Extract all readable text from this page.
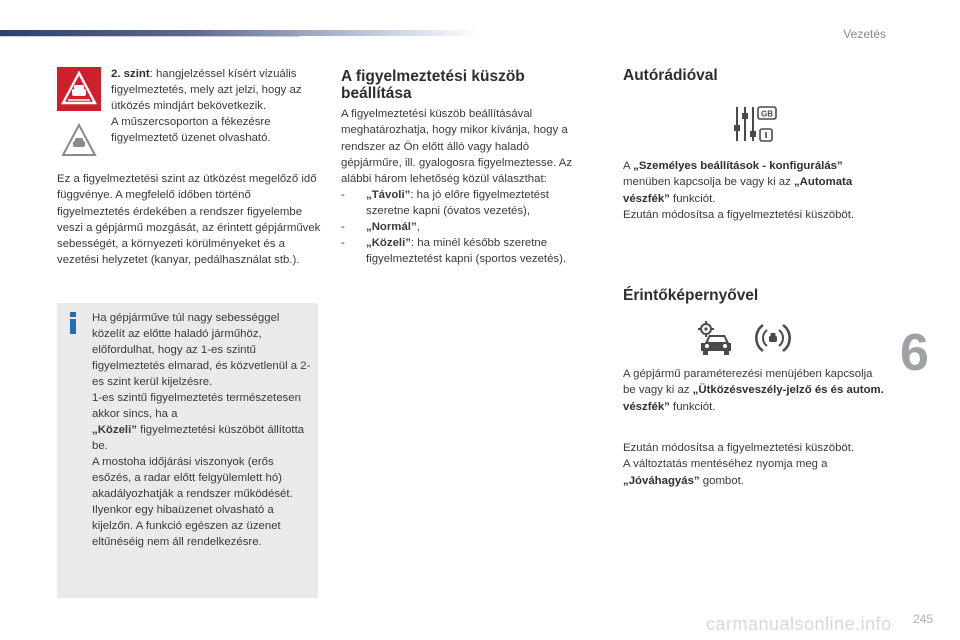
Vezetés
2. szint: hangjelzéssel kísért vizuális figyelmeztetés, mely azt jelzi, hogy az ütközés mindjárt bekövetkezik.
A műszercsoporton a fékezésre figyelmeztető üzenet olvasható.
Ez a figyelmeztetési szint az ütközést megelőző idő függvénye. A megfelelő időben történő figyelmeztetés érdekében a rendszer figyelembe veszi a gépjármű mozgását, az érintett gépjárművek sebességét, a környezeti körülményeket és a vezetési helyzetet (kanyar, pedálhasználat stb.).
Ha gépjárműve túl nagy sebességgel közelít az előtte haladó járműhöz, előfordulhat, hogy az 1-es szintű figyelmeztetés elmarad, és közvetlenül a 2-es szint kerül kijelzésre.
1-es szintű figyelmeztetés természetesen akkor sincs, ha a
„Közeli” figyelmeztetési küszöböt állította be.
A mostoha időjárási viszonyok (erős esőzés, a radar előtt felgyülemlett hó) akadályozhatják a rendszer működését. Ilyenkor egy hibaüzenet olvasható a kijelzőn. A funkció egészen az üzenet eltűnéséig nem áll rendelkezésre.
A figyelmeztetési küszöb
beállítása
A figyelmeztetési küszöb beállításával meghatározhatja, hogy mikor kívánja, hogy a rendszer az Ön előtt álló vagy haladó gépjárműre, ill. gyalogosra figyelmeztesse. Az alábbi három lehetőség közül választhat:
- „Távoli”: ha jó előre figyelmeztetést szeretne kapni (óvatos vezetés),
- „Normál”,
- „Közeli”: ha minél később szeretne figyelmeztetést kapni (sportos vezetés).
Autórádióval
GB
A „Személyes beállítások - konfigurálás” menüben kapcsolja be vagy ki az „Automata vészfék” funkciót.
Ezután módosítsa a figyelmeztetési küszöböt.
Érintőképernyővel
A gépjármű paraméterezési menüjében kapcsolja be vagy ki az „Ütközésveszély-jelző és és autom. vészfék” funkciót.
Ezután módosítsa a figyelmeztetési küszöböt.
A változtatás mentéséhez nyomja meg a „Jóváhagyás” gombot.
6
245
carmanualsonline.info
